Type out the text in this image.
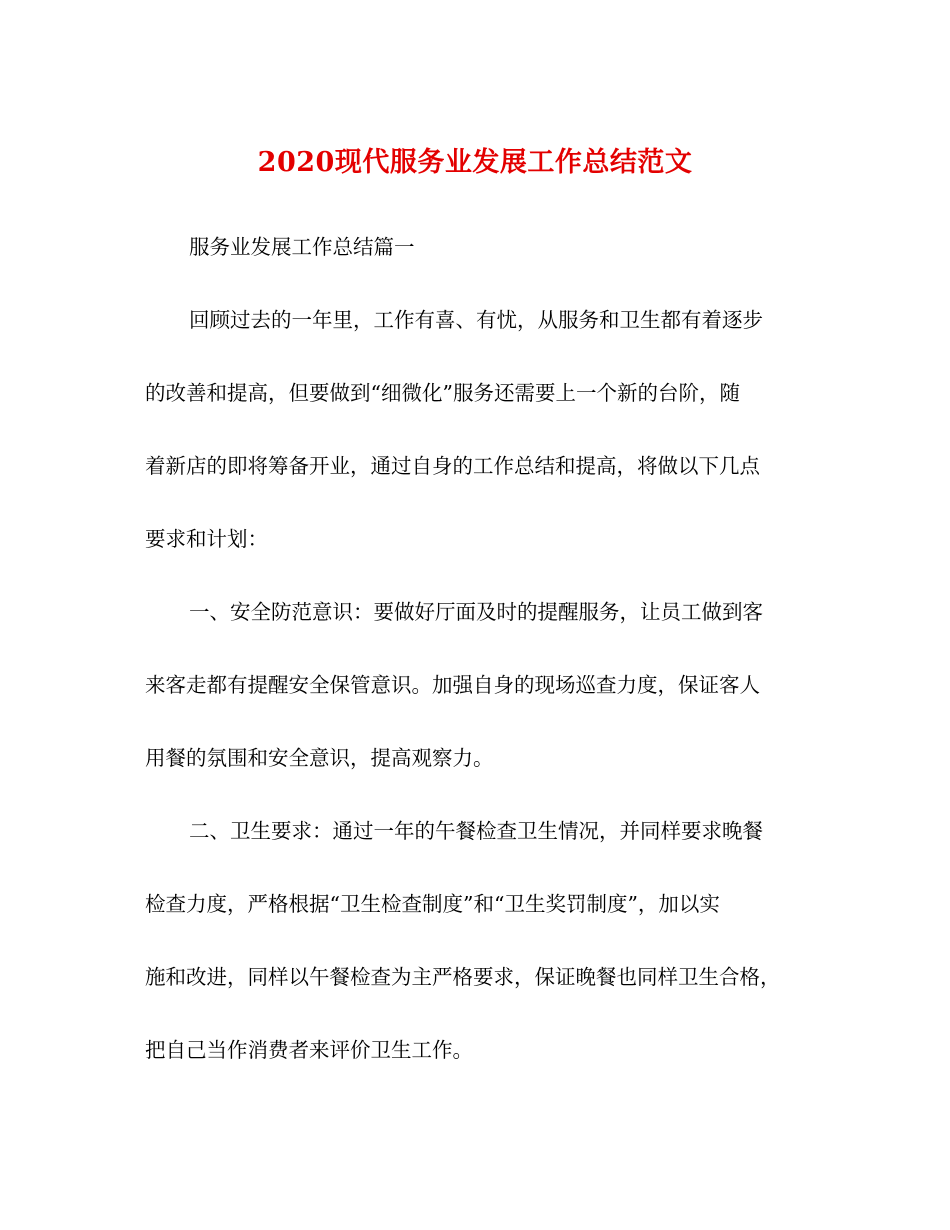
2020现代服务业发展工作总结范文
服务业发展工作总结篇一
回顾过去的一年里，工作有喜、有忧，从服务和卫生都有着逐步
的改善和提高，但要做到“细微化”服务还需要上一个新的台阶，随
着新店的即将筹备开业，通过自身的工作总结和提高，将做以下几点
要求和计划：
一、安全防范意识：要做好厅面及时的提醒服务，让员工做到客
来客走都有提醒安全保管意识。加强自身的现场巡查力度，保证客人
用餐的氛围和安全意识，提高观察力。
二、卫生要求：通过一年的午餐检查卫生情况，并同样要求晚餐
检查力度，严格根据“卫生检查制度”和“卫生奖罚制度”，加以实
施和改进，同样以午餐检查为主严格要求，保证晚餐也同样卫生合格，
把自己当作消费者来评价卫生工作。
